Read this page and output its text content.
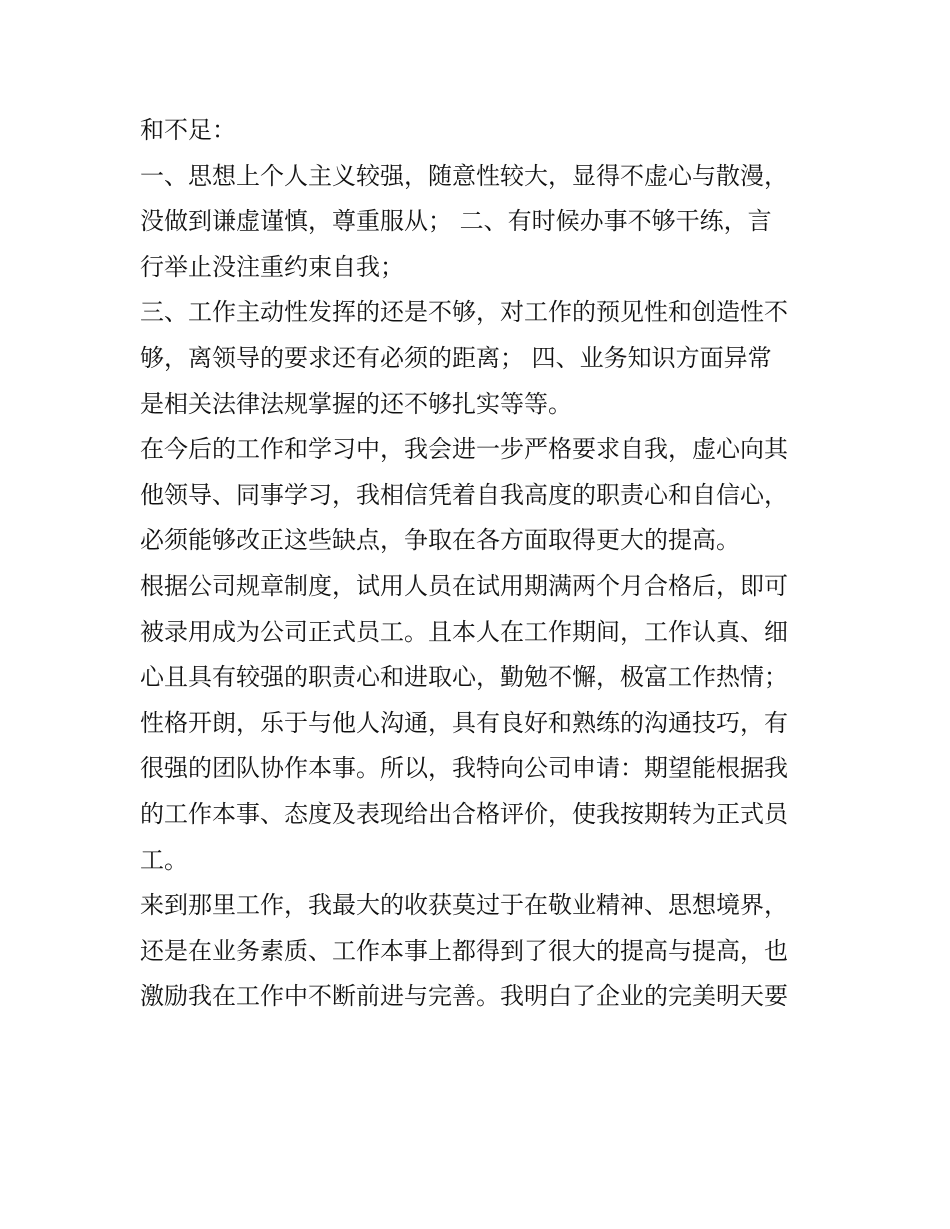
和不足：
一、思想上个人主义较强，随意性较大，显得不虚心与散漫，
没做到谦虚谨慎，尊重服从； 二、有时候办事不够干练，言
行举止没注重约束自我；
三、工作主动性发挥的还是不够，对工作的预见性和创造性不
够，离领导的要求还有必须的距离； 四、业务知识方面异常
是相关法律法规掌握的还不够扎实等等。
在今后的工作和学习中，我会进一步严格要求自我，虚心向其
他领导、同事学习，我相信凭着自我高度的职责心和自信心，
必须能够改正这些缺点，争取在各方面取得更大的提高。
根据公司规章制度，试用人员在试用期满两个月合格后，即可
被录用成为公司正式员工。且本人在工作期间，工作认真、细
心且具有较强的职责心和进取心，勤勉不懈，极富工作热情；
性格开朗，乐于与他人沟通，具有良好和熟练的沟通技巧，有
很强的团队协作本事。所以，我特向公司申请：期望能根据我
的工作本事、态度及表现给出合格评价，使我按期转为正式员
工。
来到那里工作，我最大的收获莫过于在敬业精神、思想境界，
还是在业务素质、工作本事上都得到了很大的提高与提高，也
激励我在工作中不断前进与完善。我明白了企业的完美明天要
